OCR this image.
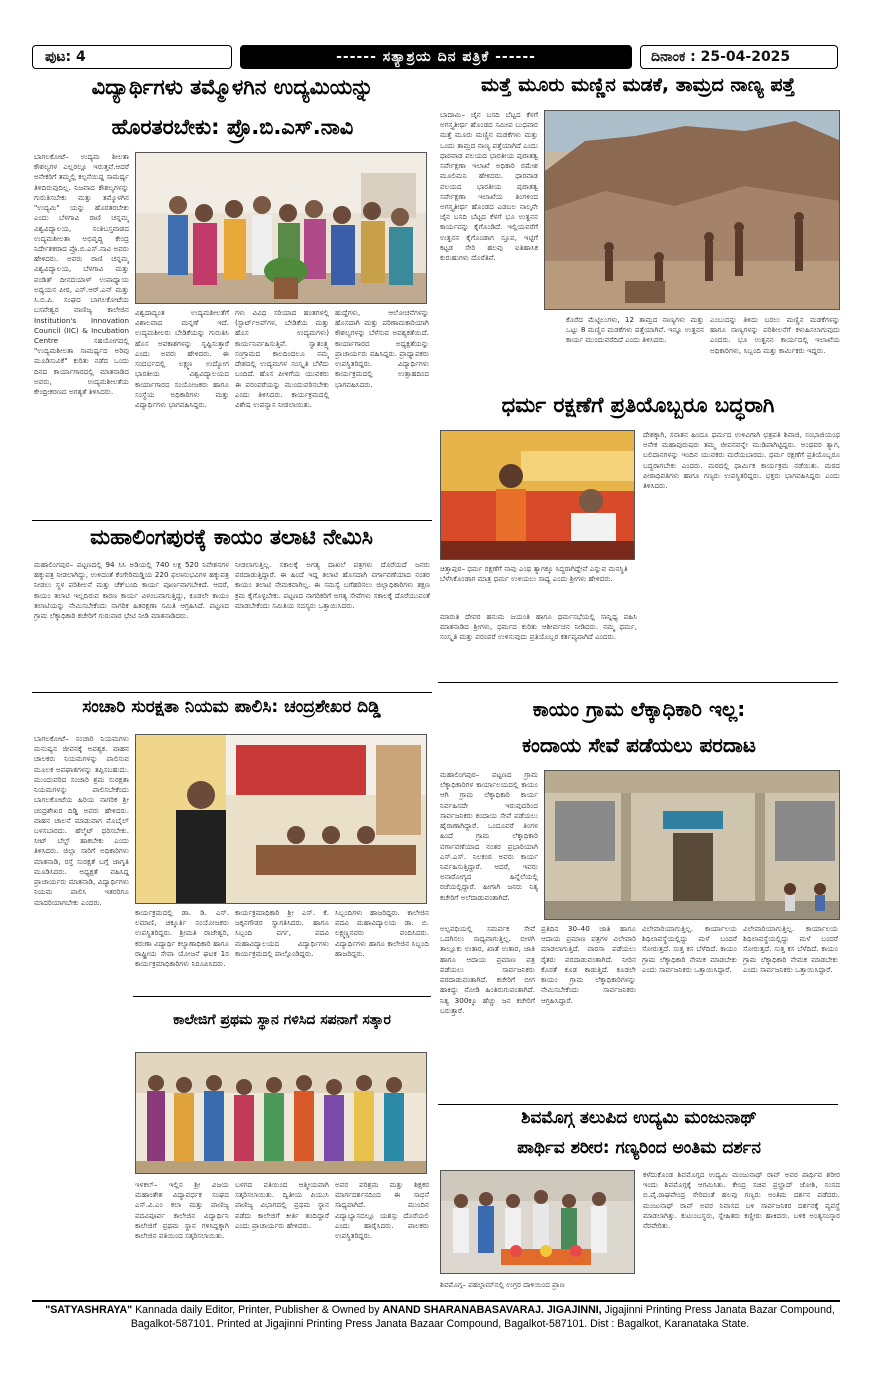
ಪುಟ: 4	------ ಸತ್ಯಾಶ್ರಯ ದಿನ ಪತ್ರಿಕೆ ------	ದಿನಾಂಕ : 25-04-2025
ವಿದ್ಯಾರ್ಥಿಗಳು ತಮ್ಮೊಳಗಿನ ಉದ್ಯಮಿಯನ್ನು
ಹೊರತರಬೇಕು: ಪ್ರೊ.ಬಿ.ಎಸ್.ನಾವಿ

ಬಾಗಲಕೋಟೆ– ಉದ್ಯಮ ಶೀಲತಾ ಕೌಶಲ್ಯಗಳ ಎಲ್ಲರಲ್ಲೂ ಇರುತ್ತವೆ.ಆದರೆ ಅನೇಕರಿಗೆ ತಮ್ಮಲ್ಲಿ ಕಲ್ಪನೆಯಿದ್ದ ಸಾಮರ್ಥ್ಯ ತಿಳಿದಿರುವುದಿಲ್ಲ. ನಿಜವಾದ ಕೌಶಲ್ಯಗಳನ್ನು ಗುರುತಿಸಬೇಕು ಮತ್ತು ತಮ್ಮೊಳಗಿನ "ಉದ್ಯಮಿ" ಯನ್ನು ಹೊರತರಬೇಕು ಎಂದು ಬೆಳಗಾವಿ ರಾಣಿ ಚನ್ನಮ್ಮ ವಿಶ್ವವಿದ್ಯಾಲಯ, ಸಂತಿಬಸ್ತವಾಡದ ಉದ್ಯಮಶೀಲತಾ ಅಭಿವೃದ್ಧಿ ಕೇಂದ್ರ ನಿರ್ದೇಶಕರಾದ ಪ್ರೊ.ಬಿ.ಎಸ್.ನಾವಿ ಅವರು ಹೇಳಿದರು. ಅವರು ರಾಣಿ ಚನ್ನಮ್ಮ ವಿಶ್ವವಿದ್ಯಾಲಯ, ಬೆಳಗಾವಿ ಮತ್ತು ಪಂಡಿತ್ ದೀನದಯಾಳ್ ಉಪಾಧ್ಯಾಯ ಅಧ್ಯಯನ ಪೀಠ, ಎಸ್.ಆರ್.ಎನ್ ಮತ್ತು ಸಿ.ಬಿ.ಪಿ. ಸಂಘದ ಬಾಗಲಕೋಟೆಯ ಬಸವೇಶ್ವರ ವಾಣಿಜ್ಯ ಕಾಲೇಜಿನ Institution's Innovation Council (IIC) & Incubation Centre ಸಹಯೋಗದಲ್ಲಿ "ಉದ್ಯಮಶೀಲತಾ ಸಾಮರ್ಥ್ಯದ ಅರಿವು ಮೂಡಿಸುವಿಕೆ" ಕುರಿತು ನಡೆದ ಒಂದು ದಿನದ ಕಾರ್ಯಾಗಾರದಲ್ಲಿ ಮಾತನಾಡಿದ ಅವರು, ಉದ್ಯಮಶೀಲತೆಯ ಕೇಂದ್ರೀಕರಣದ ಅಗತ್ಯತೆ ತಿಳಿಸಿದರು.

ವಿಶ್ವದಾದ್ಯಂತ ಉದ್ಯಮಶೀಲತೆಗೆ ವಿಶಾಲವಾದ ಮನ್ನಣೆ ಇದೆ. ಉದ್ಯಮಶೀಲರು ಬೇಡಿಕೆಯನ್ನು ಗುರುತಿಸಿ ಹೊಸ ಅವಕಾಶಗಳನ್ನು ಸೃಷ್ಟಿಸುತ್ತಾರೆ ಎಂದು ಅವರು ಹೇಳಿದರು. ಈ ಸಂದರ್ಭದಲ್ಲಿ ಲಕ್ಷ್ಮಣ ಉದ್ಯೋಗ ಭಾರತೀಯ ವಿಶ್ವವಿದ್ಯಾಲಯದ ಕಾರ್ಯಾಗಾರದ ಸಂಯೋಜಕರು ಹಾಗೂ ಸಂಸ್ಥೆಯ ಅಧಿಕಾರಿಗಳು ಮತ್ತು ವಿದ್ಯಾರ್ಥಿಗಳು ಭಾಗವಹಿಸಿದ್ದರು.

ಗಳು ವಿವಿಧ ಸರಿಯಾದ ಹಂತಗಳಲ್ಲಿ (ಸ್ಟಾರ್ಟ್‌ಅಪ್‌ಗಳ, ಬೇಡಿಕೆಯ ಮತ್ತು ಹೊಸ ಉದ್ಯಮಗಳು) ಕಾರ್ಯನಿರ್ವಹಿಸುತ್ತಿವೆ. ಸ್ವಾತಂತ್ರ್ಯ ಸಂಗ್ರಾಮದ ಕಾಲದಿಂದಲೂ ನಮ್ಮ ದೇಶದಲ್ಲಿ ಉದ್ಯಮಗಳ ಸಂಸ್ಕೃತಿ ಬೆಳೆದು ಬಂದಿದೆ. ಹೊಸ ಪೀಳಿಗೆಯ ಯುವಕರು ಈ ಪರಂಪರೆಯನ್ನು ಮುಂದುವರಿಸಬೇಕು ಎಂದು ತಿಳಿಸಿದರು. ಕಾರ್ಯಕ್ರಮದಲ್ಲಿ ವಿಶೇಷ ಉಪನ್ಯಾಸ ನೀಡಲಾಯಿತು.

ಹುದ್ದೆಗಳು, ಆಲೋಚನೆಗಳನ್ನು ಹೊಸದಾಗಿ ಮತ್ತು ಪರಿಣಾಮಕಾರಿಯಾಗಿ ಕೌಶಲ್ಯಗಳನ್ನು ಬೆಳೆಸುವ ಅವಶ್ಯಕತೆಯಿದೆ. ಕಾರ್ಯಾಗಾರದ ಅಧ್ಯಕ್ಷತೆಯನ್ನು ಪ್ರಾಚಾರ್ಯರು ವಹಿಸಿದ್ದರು. ಪ್ರಾಧ್ಯಾಪಕರು ಉಪಸ್ಥಿತರಿದ್ದರು. ವಿದ್ಯಾರ್ಥಿಗಳು ಕಾರ್ಯಕ್ರಮದಲ್ಲಿ ಉತ್ಸಾಹದಿಂದ ಭಾಗವಹಿಸಿದರು.

ಮಹಾಲಿಂಗಪುರಕ್ಕೆ ಕಾಯಂ ತಲಾಟಿ ನೇಮಿಸಿ

ಮಹಾಲಿಂಗಪುರ– ಪಟ್ಟಣದಲ್ಲಿ 94 ಸಿಸಿ ಅಡಿಯಲ್ಲಿ 740 ಲಕ್ಷ 520 ನಿವೇಶನಗಳ ಹಕ್ಕುಪತ್ರ ನೀಡಲಾಗಿದ್ದು, ಉಳಿದಂತೆ ಕೆಂಗೇರಿಮಡ್ಡಿಯ 220 ಫಲಾನುಭವಿಗಳ ಹಕ್ಕುಪತ್ರ ನೀಡಲು ಸ್ಥಳ ಪರಿಶೀಲನೆ ಮತ್ತು ಚೆಕ್‌ಬಂದಿ ಕಾರ್ಯ ಪೂರ್ಣವಾಗಬೇಕಿದೆ. ಆದರೆ, ಕಾಯಂ ತಲಾಟಿ ಇಲ್ಲದಿರುವ ಕಾರಣ ಕಾರ್ಯ ವಿಳಂಬವಾಗುತ್ತಿದ್ದು, ಕೂಡಲೇ ಕಾಯಂ ತಲಾಟಿಯನ್ನು ನೇಮಿಸಬೇಕೆಂದು ನಾಗರಿಕ ಹಿತರಕ್ಷಣಾ ಸಮಿತಿ ಆಗ್ರಹಿಸಿದೆ. ಪಟ್ಟಣದ ಗ್ರಾಮ ಲೆಕ್ಕಾಧಿಕಾರಿ ಕಚೇರಿಗೆ ಗುರುವಾರ ಭೇಟಿ ನೀಡಿ ಮಾತನಾಡಿದರು.

ನೀಡಲಾಗುತ್ತಿಲ್ಲ. ಸಕಾಲಕ್ಕೆ ಅಗತ್ಯ ದಾಖಲೆ ಪತ್ರಗಳು ದೊರೆಯದೆ ಜನರು ಪರದಾಡುತ್ತಿದ್ದಾರೆ. ಈ ಹಿಂದೆ ಇದ್ದ ತಲಾಟಿ ಹೊಸದಾಗಿ ವರ್ಗಾವಣೆಯಾದ ನಂತರ ಕಾಯಂ ತಲಾಟಿ ನೇಮಕವಾಗಿಲ್ಲ. ಈ ಸಮಸ್ಯೆ ಬಗೆಹರಿಸಲು ಜಿಲ್ಲಾಧಿಕಾರಿಗಳು ತಕ್ಷಣ ಕ್ರಮ ಕೈಗೊಳ್ಳಬೇಕು. ಪಟ್ಟಣದ ನಾಗರಿಕರಿಗೆ ಅಗತ್ಯ ಸೇವೆಗಳು ಸಕಾಲಕ್ಕೆ ದೊರೆಯುವಂತೆ ಮಾಡಬೇಕೆಂದು ಸಮಿತಿಯ ಸದಸ್ಯರು ಒತ್ತಾಯಿಸಿದರು.

ಮತ್ತೆ ಮೂರು ಮಣ್ಣಿನ ಮಡಕೆ, ತಾಮ್ರದ ನಾಣ್ಯ ಪತ್ತೆ

ಬಾದಾಮಿ– ಜೈನ ಬಸದಿ ಬೆಟ್ಟದ ಕೆಳಗೆ ಅಗಸ್ತ್ಯತೀರ್ಥ ಹೊಂಡದ ಸಮೀಪ ಬುಧವಾರ ಮತ್ತೆ ಮೂರು ಮಣ್ಣಿನ ಮಡಕೆಗಳು ಮತ್ತು ಒಂದು ತಾಮ್ರದ ನಾಣ್ಯ ಪತ್ತೆಯಾಗಿದೆ ಎಂದು ಧಾರವಾಡ ವಲಯದ ಭಾರತೀಯ ಪುರಾತತ್ವ ಸರ್ವೇಕ್ಷಣಾ ಇಲಾಖೆ ಅಧಿಕಾರಿ ರಮೇಶ ಮೂಲಿಮನಿ ಹೇಳಿದರು. ಧಾರವಾಡ ವಲಯದ ಭಾರತೀಯ ಪುರಾತತ್ವ ಸರ್ವೇಕ್ಷಣಾ ಇಲಾಖೆಯ ತಿಂಗಳಿಂದ ಅಗಸ್ತ್ಯತೀರ್ಥ ಹೊಂಡದ ಎಡಬಲ ನಾಲ್ಕನೇ ಜೈನ ಬಸದಿ ಬೆಟ್ಟದ ಕೆಳಗೆ ಭೂ ಉತ್ಖನನ ಕಾರ್ಯವನ್ನು ಕೈಗೊಂಡಿದೆ. ಇಲ್ಲಿಯವರೆಗೆ ಉತ್ಖನನ ಕೈಗೊಂಡಾಗ ಸ್ತೂಪ, ಇಟ್ಟಿಗೆ ಕಟ್ಟಡ ಸೇರಿ ಹಲವು ಐತಿಹಾಸಿಕ ಕುರುಹುಗಳು ದೊರೆತಿವೆ.

ಕೊರೆದ ಮೆಟ್ಟಿಲುಗಳು, 12 ತಾಮ್ರದ ನಾಣ್ಯಗಳು ಮತ್ತು ಒಟ್ಟು 8 ಮಣ್ಣಿನ ಮಡಕೆಗಳು ಪತ್ತೆಯಾಗಿವೆ. ಇನ್ನೂ ಉತ್ಖನನ ಕಾರ್ಯ ಮುಂದುವರೆದಿದೆ ಎಂದು ತಿಳಿಸಿದರು.

ಎಂಬುದನ್ನು ತಿಳಿದು ಬರಲು ಮಣ್ಣಿನ ಮಡಕೆಗಳನ್ನು ಹಾಗೂ ನಾಣ್ಯಗಳನ್ನು ಪರಿಶೀಲನೆಗೆ ಕಳುಹಿಸಲಾಗುವುದು ಎಂದರು. ಭೂ ಉತ್ಖನನ ಕಾರ್ಯದಲ್ಲಿ ಇಲಾಖೆಯ ಅಧಿಕಾರಿಗಳು, ಸಿಬ್ಬಂದಿ ಮತ್ತು ಕಾರ್ಮಿಕರು ಇದ್ದರು.

ಧರ್ಮ ರಕ್ಷಣೆಗೆ ಪ್ರತಿಯೊಬ್ಬರೂ ಬದ್ಧರಾಗಿ

ದೇಶಕ್ಕಾಗಿ, ಸನಾತನ ಹಿಂದೂ ಧರ್ಮದ ಉಳಿವಿಗಾಗಿ ಛತ್ರಪತಿ ಶಿವಾಜಿ, ಸಂಭಾಜಿಯಂಥ ಅನೇಕ ಮಹಾಪುರುಷರು ತಮ್ಮ ಜೀವನವನ್ನೇ ಮುಡಿಪಾಗಿಟ್ಟಿದ್ದರು. ಅಂಥವರ ತ್ಯಾಗ, ಬಲಿದಾನಗಳನ್ನು ಇಂದಿನ ಯುವಕರು ಮರೆಯಬಾರದು. ಧರ್ಮ ರಕ್ಷಣೆಗೆ ಪ್ರತಿಯೊಬ್ಬರೂ ಬದ್ಧರಾಗಬೇಕು ಎಂದರು. ಮಠದಲ್ಲಿ ಧಾರ್ಮಿಕ ಕಾರ್ಯಕ್ರಮ ನಡೆಯಿತು. ಮಠದ ಪೀಠಾಧಿಪತಿಗಳು ಹಾಗೂ ಗಣ್ಯರು ಉಪಸ್ಥಿತರಿದ್ದರು. ಭಕ್ತರು ಭಾಗವಹಿಸಿದ್ದರು ಎಂದು ತಿಳಿಸಿದರು.

ಚಿತ್ತಾಪುರ– ಧರ್ಮ ರಕ್ಷಣೆಗೆ ನಾವು ಎಂಥ ತ್ಯಾಗಕ್ಕೂ ಸಿದ್ಧರಾಗಿದ್ದೇವೆ ಎನ್ನುವ ಮನಸ್ಥಿತಿ ಬೆಳೆಸಿಕೊಂಡಾಗ ಮಾತ್ರ ಧರ್ಮ ಉಳಿಯಲು ಸಾಧ್ಯ ಎಂದು ಶ್ರೀಗಳು ಹೇಳಿದರು.

ಮಾರುತಿ ದೇವರ ಹನುಮ ಜಯಂತಿ ಹಾಗೂ ಧರ್ಮಸಭೆಯಲ್ಲಿ ಸಾನ್ನಿಧ್ಯ ವಹಿಸಿ ಮಾತನಾಡಿದ ಶ್ರೀಗಳು, ಧರ್ಮದ ಕುರಿತು ಆಶೀರ್ವಚನ ನೀಡಿದರು. ನಮ್ಮ ಧರ್ಮ, ಸಂಸ್ಕೃತಿ ಮತ್ತು ಪರಂಪರೆ ಉಳಿಸುವುದು ಪ್ರತಿಯೊಬ್ಬರ ಕರ್ತವ್ಯವಾಗಿದೆ ಎಂದರು.

ಸಂಚಾರಿ ಸುರಕ್ಷತಾ ನಿಯಮ ಪಾಲಿಸಿ: ಚಂದ್ರಶೇಖರ ದಿಡ್ಡಿ

ಬಾಗಲಕೋಟೆ– ಸಂಚಾರಿ ನಿಯಮಗಳು ಮನುಷ್ಯನ ಜೀವನಕ್ಕೆ ಅವಶ್ಯಕ. ವಾಹನ ಚಾಲಕರು ನಿಯಮಗಳನ್ನು ಪಾಲಿಸುವ ಮೂಲಕ ಅಪಘಾತಗಳನ್ನು ತಪ್ಪಿಸಬಹುದು. ಮುಂದುವರಿದ ಸಂಚಾರಿ ಶ್ರಮ ಸುರಕ್ಷತಾ ನಿಯಮಗಳನ್ನು ಪಾಲಿಸಬೇಕೆಂದು ಬಾಗಲಕೋಟೆಯ ಹಿರಿಯ ನಾಗರಿಕ ಶ್ರೀ ಚಂದ್ರಶೇಖರ ದಿಡ್ಡಿ ಅವರು ಹೇಳಿದರು. ವಾಹನ ಚಾಲನೆ ಮಾಡುವಾಗ ಮೊಬೈಲ್ ಬಳಸಬಾರದು. ಹೆಲ್ಮೆಟ್ ಧರಿಸಬೇಕು. ಸೀಟ್ ಬೆಲ್ಟ್ ಹಾಕಬೇಕು ಎಂದು ತಿಳಿಸಿದರು. ಜಿಲ್ಲಾ ಸಾರಿಗೆ ಅಧಿಕಾರಿಗಳು ಮಾತನಾಡಿ, ರಸ್ತೆ ಸುರಕ್ಷತೆ ಬಗ್ಗೆ ಜಾಗೃತಿ ಮೂಡಿಸಿದರು. ಅಧ್ಯಕ್ಷತೆ ವಹಿಸಿದ್ದ ಪ್ರಾಚಾರ್ಯರು ಮಾತನಾಡಿ, ವಿದ್ಯಾರ್ಥಿಗಳು ನಿಯಮ ಪಾಲಿಸಿ ಇತರರಿಗೂ ಮಾದರಿಯಾಗಬೇಕು ಎಂದರು.

ಕಾರ್ಯಕ್ರಮದಲ್ಲಿ ಡಾ. ಡಿ. ಎಸ್. ಲಮಾಣಿ, ಚಿಕ್ಕೂರ್ತಿ ಸಂಯೋಜಕರು ಉಪಸ್ಥಿತರಿದ್ದರು. ಶ್ರೀಮತಿ ರಾಜೇಶ್ವರಿ, ಕರುಣಾ ವಿದ್ಯಾರ್ಥಿ ಕಲ್ಯಾಣಾಧಿಕಾರಿ ಹಾಗೂ ರಾಷ್ಟ್ರೀಯ ಸೇವಾ ಯೋಜನೆ ಘಟಕ 1ರ ಕಾರ್ಯಕ್ರಮಾಧಿಕಾರಿಗಳು ನಿರೂಪಿಸಿದರು.

ಕಾರ್ಯಕ್ರಮಾಧಿಕಾರಿ ಶ್ರೀ ಎಸ್. ಕೆ. ಜಕ್ಕನಗೌಡರ ಸ್ವಾಗತಿಸಿದರು. ಹಾಗೂ ಸಿಬ್ಬಂದಿ ವರ್ಗ, ಪದವಿ ಮಹಾವಿದ್ಯಾಲಯದ ವಿದ್ಯಾರ್ಥಿಗಳು ಕಾರ್ಯಕ್ರಮದಲ್ಲಿ ಪಾಲ್ಗೊಂಡಿದ್ದರು.

ಸಿಬ್ಬಂದಿಗಳು ಹಾಜರಿದ್ದರು. ಕಾಲೇಜಿನ ಪದವಿ ಮಹಾವಿದ್ಯಾಲಯ ಡಾ. ಬಿ. ಲಕ್ಷ್ಮಣ್ಣನವರು ವಂದಿಸಿದರು. ವಿದ್ಯಾರ್ಥಿಗಳು ಹಾಗೂ ಕಾಲೇಜಿನ ಸಿಬ್ಬಂದಿ ಹಾಜರಿದ್ದರು.

ಕಾಲೇಜಿಗೆ ಪ್ರಥಮ ಸ್ಥಾನ ಗಳಿಸಿದ ಸಪನಾಗೆ ಸತ್ಕಾರ

ಇಳಕಲ್– ಇಲ್ಲಿನ ಶ್ರೀ ವಿಜಯ ಮಹಾಂತೇಶ ವಿದ್ಯಾವರ್ಧಕ ಸಂಘದ ಎಸ್.ವಿ.ಎಂ ಕಲಾ ಮತ್ತು ವಾಣಿಜ್ಯ ಪದವಿಪೂರ್ವ ಕಾಲೇಜಿನ ವಿದ್ಯಾರ್ಥಿನಿ ಕಾಲೇಜಿಗೆ ಪ್ರಥಮ ಸ್ಥಾನ ಗಳಿಸಿದ್ದಕ್ಕಾಗಿ ಕಾಲೇಜಿನ ವತಿಯಿಂದ ಸತ್ಕರಿಸಲಾಯಿತು.

ಬಳಗದ ವತಿಯಿಂದ ಆತ್ಮೀಯವಾಗಿ ಸತ್ಕರಿಸಲಾಯಿತು. ದ್ವಿತೀಯ ಪಿಯುಸಿ ವಾಣಿಜ್ಯ ವಿಭಾಗದಲ್ಲಿ ಪ್ರಥಮ ಸ್ಥಾನ ಪಡೆದು ಕಾಲೇಜಿಗೆ ಕೀರ್ತಿ ತಂದಿದ್ದಾರೆ ಎಂದು ಪ್ರಾಚಾರ್ಯರು ಹೇಳಿದರು.

ಅವರ ಪರಿಶ್ರಮ ಮತ್ತು ಶಿಕ್ಷಕರ ಮಾರ್ಗದರ್ಶನದಿಂದ ಈ ಸಾಧನೆ ಸಾಧ್ಯವಾಗಿದೆ. ಮುಂದಿನ ವಿದ್ಯಾಭ್ಯಾಸದಲ್ಲೂ ಯಶಸ್ಸು ದೊರೆಯಲಿ ಎಂದು ಹಾರೈಸಿದರು. ಪಾಲಕರು ಉಪಸ್ಥಿತರಿದ್ದರು.

ಕಾಯಂ ಗ್ರಾಮ ಲೆಕ್ಕಾಧಿಕಾರಿ ಇಲ್ಲ:
ಕಂದಾಯ ಸೇವೆ ಪಡೆಯಲು ಪರದಾಟ

ಮಹಾಲಿಂಗಪುರ– ಪಟ್ಟಣದ ಗ್ರಾಮ ಲೆಕ್ಕಾಧಿಕಾರಿಗಳ ಕಾರ್ಯಾಲಯದಲ್ಲಿ ಕಾಯಂ ಆಗಿ ಗ್ರಾಮ ಲೆಕ್ಕಾಧಿಕಾರಿ ಕಾರ್ಯ ನಿರ್ವಹಿಸದೇ ಇರುವುದರಿಂದ ಸಾರ್ವಜನಿಕರು ಕಂದಾಯ ಸೇವೆ ಪಡೆಯಲು ಹೈರಾಣಾಗಿದ್ದಾರೆ. ಒಂದೂವರೆ ತಿಂಗಳ ಹಿಂದೆ ಗ್ರಾಮ ಲೆಕ್ಕಾಧಿಕಾರಿ ವರ್ಗಾವಣೆಯಾದ ನಂತರ ಪ್ರಭಾರಿಯಾಗಿ ಎಸ್.ಎಸ್. ನಿಲಕಂಠ ಅವರು ಕಾರ್ಯ ನಿರ್ವಹಿಸುತ್ತಿದ್ದಾರೆ. ಆದರೆ, ಇವರು ಅನಾರೋಗ್ಯದ ಹಿನ್ನೆಲೆಯಲ್ಲಿ ರಜೆಯಲ್ಲಿದ್ದಾರೆ. ಹೀಗಾಗಿ ಜನರು ನಿತ್ಯ ಕಚೇರಿಗೆ ಅಲೆದಾಡುವಂತಾಗಿದೆ.

ಅಲ್ಪವಧಿಯಲ್ಲಿ ಸಮರ್ಪಕ ಸೇವೆ ಒದಗಿಸಲು ಸಾಧ್ಯವಾಗುತ್ತಿಲ್ಲ. ಬೀಳಗಿ ತಾಲ್ಲೂಕು ಉತಾರ, ಖಾತೆ ಉತಾರ, ಜಾತಿ ಹಾಗೂ ಆದಾಯ ಪ್ರಮಾಣ ಪತ್ರ ಪಡೆಯಲು ಸಾರ್ವಜನಿಕರು ಪರದಾಡುವಂತಾಗಿದೆ. ಕಚೇರಿಗೆ ಬೀಗ ಹಾಕಿದ್ದು ನೋಡಿ ಹಿಂತಿರುಗುವಂತಾಗಿದೆ. ನಿತ್ಯ 300ಕ್ಕೂ ಹೆಚ್ಚು ಜನ ಕಚೇರಿಗೆ ಬರುತ್ತಾರೆ.

ಪ್ರತಿದಿನ 30–40 ಜಾತಿ ಹಾಗೂ ಆದಾಯ ಪ್ರಮಾಣ ಪತ್ರಗಳ ವಿಲೇವಾರಿ ಮಾಡಲಾಗುತ್ತಿದೆ. ವಾರಸಾ ಪಡೆಯಲು ರೈತರು ಪರದಾಡುವಂತಾಗಿದೆ. ನೀರಿನ ಕೊರತೆ ಕೂಡ ಕಾಡುತ್ತಿದೆ. ಕೂಡಲೇ ಕಾಯಂ ಗ್ರಾಮ ಲೆಕ್ಕಾಧಿಕಾರಿಗಳನ್ನು ನೇಮಿಸಬೇಕೆಂದು ಸಾರ್ವಜನಿಕರು ಆಗ್ರಹಿಸಿದ್ದಾರೆ.

ವಿಲೇವಾರಿಯಾಗುತ್ತಿಲ್ಲ. ಕಾರ್ಯಾಲಯ ಶಿಥಿಲಾವಸ್ಥೆಯಲ್ಲಿದ್ದು ಮಳೆ ಬಂದರೆ ಸೋರುತ್ತದೆ. ಸುತ್ತ ಕಸ ಬೆಳೆದಿದೆ. ಕಾಯಂ ಗ್ರಾಮ ಲೆಕ್ಕಾಧಿಕಾರಿ ನೇಮಕ ಮಾಡಬೇಕು ಎಂದು ಸಾರ್ವಜನಿಕರು ಒತ್ತಾಯಿಸಿದ್ದಾರೆ.

ವಿಲೇವಾರಿಯಾಗುತ್ತಿಲ್ಲ. ಕಾರ್ಯಾಲಯ ಶಿಥಿಲಾವಸ್ಥೆಯಲ್ಲಿದ್ದು ಮಳೆ ಬಂದರೆ ಸೋರುತ್ತದೆ. ಸುತ್ತ ಕಸ ಬೆಳೆದಿದೆ. ಕಾಯಂ ಗ್ರಾಮ ಲೆಕ್ಕಾಧಿಕಾರಿ ನೇಮಕ ಮಾಡಬೇಕು ಎಂದು ಸಾರ್ವಜನಿಕರು ಒತ್ತಾಯಿಸಿದ್ದಾರೆ.

ಶಿವಮೊಗ್ಗ ತಲುಪಿದ ಉದ್ಯಮಿ ಮಂಜುನಾಥ್
ಪಾರ್ಥಿವ ಶರೀರ: ಗಣ್ಯರಿಂದ ಅಂತಿಮ ದರ್ಶನ

ಕಳೆದುಕೊಂಡ ಶಿವಮೊಗ್ಗದ ಉದ್ಯಮಿ ಮಂಜುನಾಥ್ ರಾವ್ ಅವರ ಪಾರ್ಥಿವ ಶರೀರ ಇಂದು ಶಿವಮೊಗ್ಗಕ್ಕೆ ಆಗಮಿಸಿತು. ಕೇಂದ್ರ ಸಚಿವ ಪ್ರಲ್ಹಾದ್ ಜೋಶಿ, ಸಂಸದ ಬಿ.ವೈ.ರಾಘವೇಂದ್ರ ಸೇರಿದಂತೆ ಹಲವು ಗಣ್ಯರು ಅಂತಿಮ ದರ್ಶನ ಪಡೆದರು. ಮಂಜುನಾಥ್ ರಾವ್ ಅವರ ನಿವಾಸದ ಬಳಿ ಸಾರ್ವಜನಿಕರ ದರ್ಶನಕ್ಕೆ ವ್ಯವಸ್ಥೆ ಮಾಡಲಾಗಿತ್ತು. ಕುಟುಂಬಸ್ಥರು, ಸ್ನೇಹಿತರು ಕಣ್ಣೀರು ಹಾಕಿದರು. ಬಳಿಕ ಅಂತ್ಯಸಂಸ್ಕಾರ ನೆರವೇರಿತು.

ಶಿವಮೊಗ್ಗ– ಪಹಲ್ಗಾಮ್‌ನಲ್ಲಿ ಉಗ್ರರ ದಾಳಿಯಿಂದ ಪ್ರಾಣ
"SATYASHRAYA" Kannada daily Editor, Printer, Publisher & Owned by ANAND SHARANABASAVARAJ. JIGAJINNI, Jigajinni Printing Press Janata Bazar Compound,
Bagalkot-587101. Printed at Jigajinni Printing Press Janata Bazaar Compound, Bagalkot-587101. Dist : Bagalkot, Karanataka State.
